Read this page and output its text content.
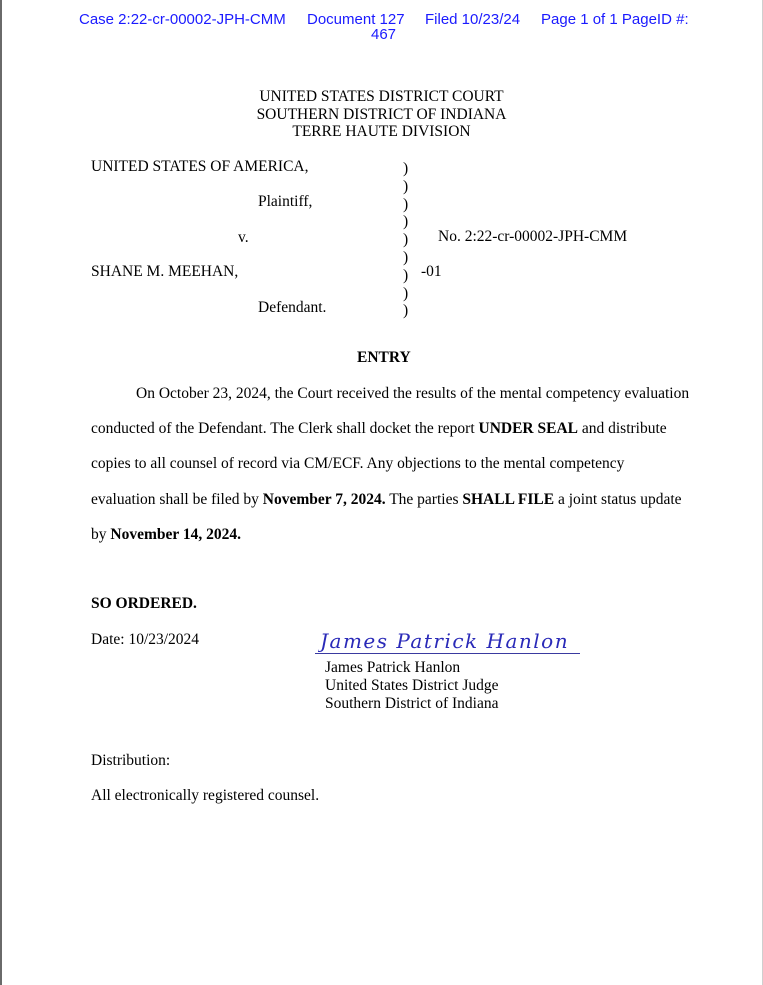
Case 2:22-cr-00002-JPH-CMM Document 127 Filed 10/23/24 Page 1 of 1 PageID #:
467
UNITED STATES DISTRICT COURT
SOUTHERN DISTRICT OF INDIANA
TERRE HAUTE DIVISION
UNITED STATES OF AMERICA,
Plaintiff,
v.
SHANE M. MEEHAN,
Defendant.
)
)
)
)
)
)
)
)
)
No. 2:22-cr-00002-JPH-CMM
-01
ENTRY
On October 23, 2024, the Court received the results of the mental competency evaluation conducted of the Defendant. The Clerk shall docket the report UNDER SEAL and distribute copies to all counsel of record via CM/ECF. Any objections to the mental competency evaluation shall be filed by November 7, 2024. The parties SHALL FILE a joint status update by November 14, 2024.
SO ORDERED.
Date: 10/23/2024	James Patrick Hanlon
James Patrick Hanlon
United States District Judge
Southern District of Indiana
Distribution:
All electronically registered counsel.
